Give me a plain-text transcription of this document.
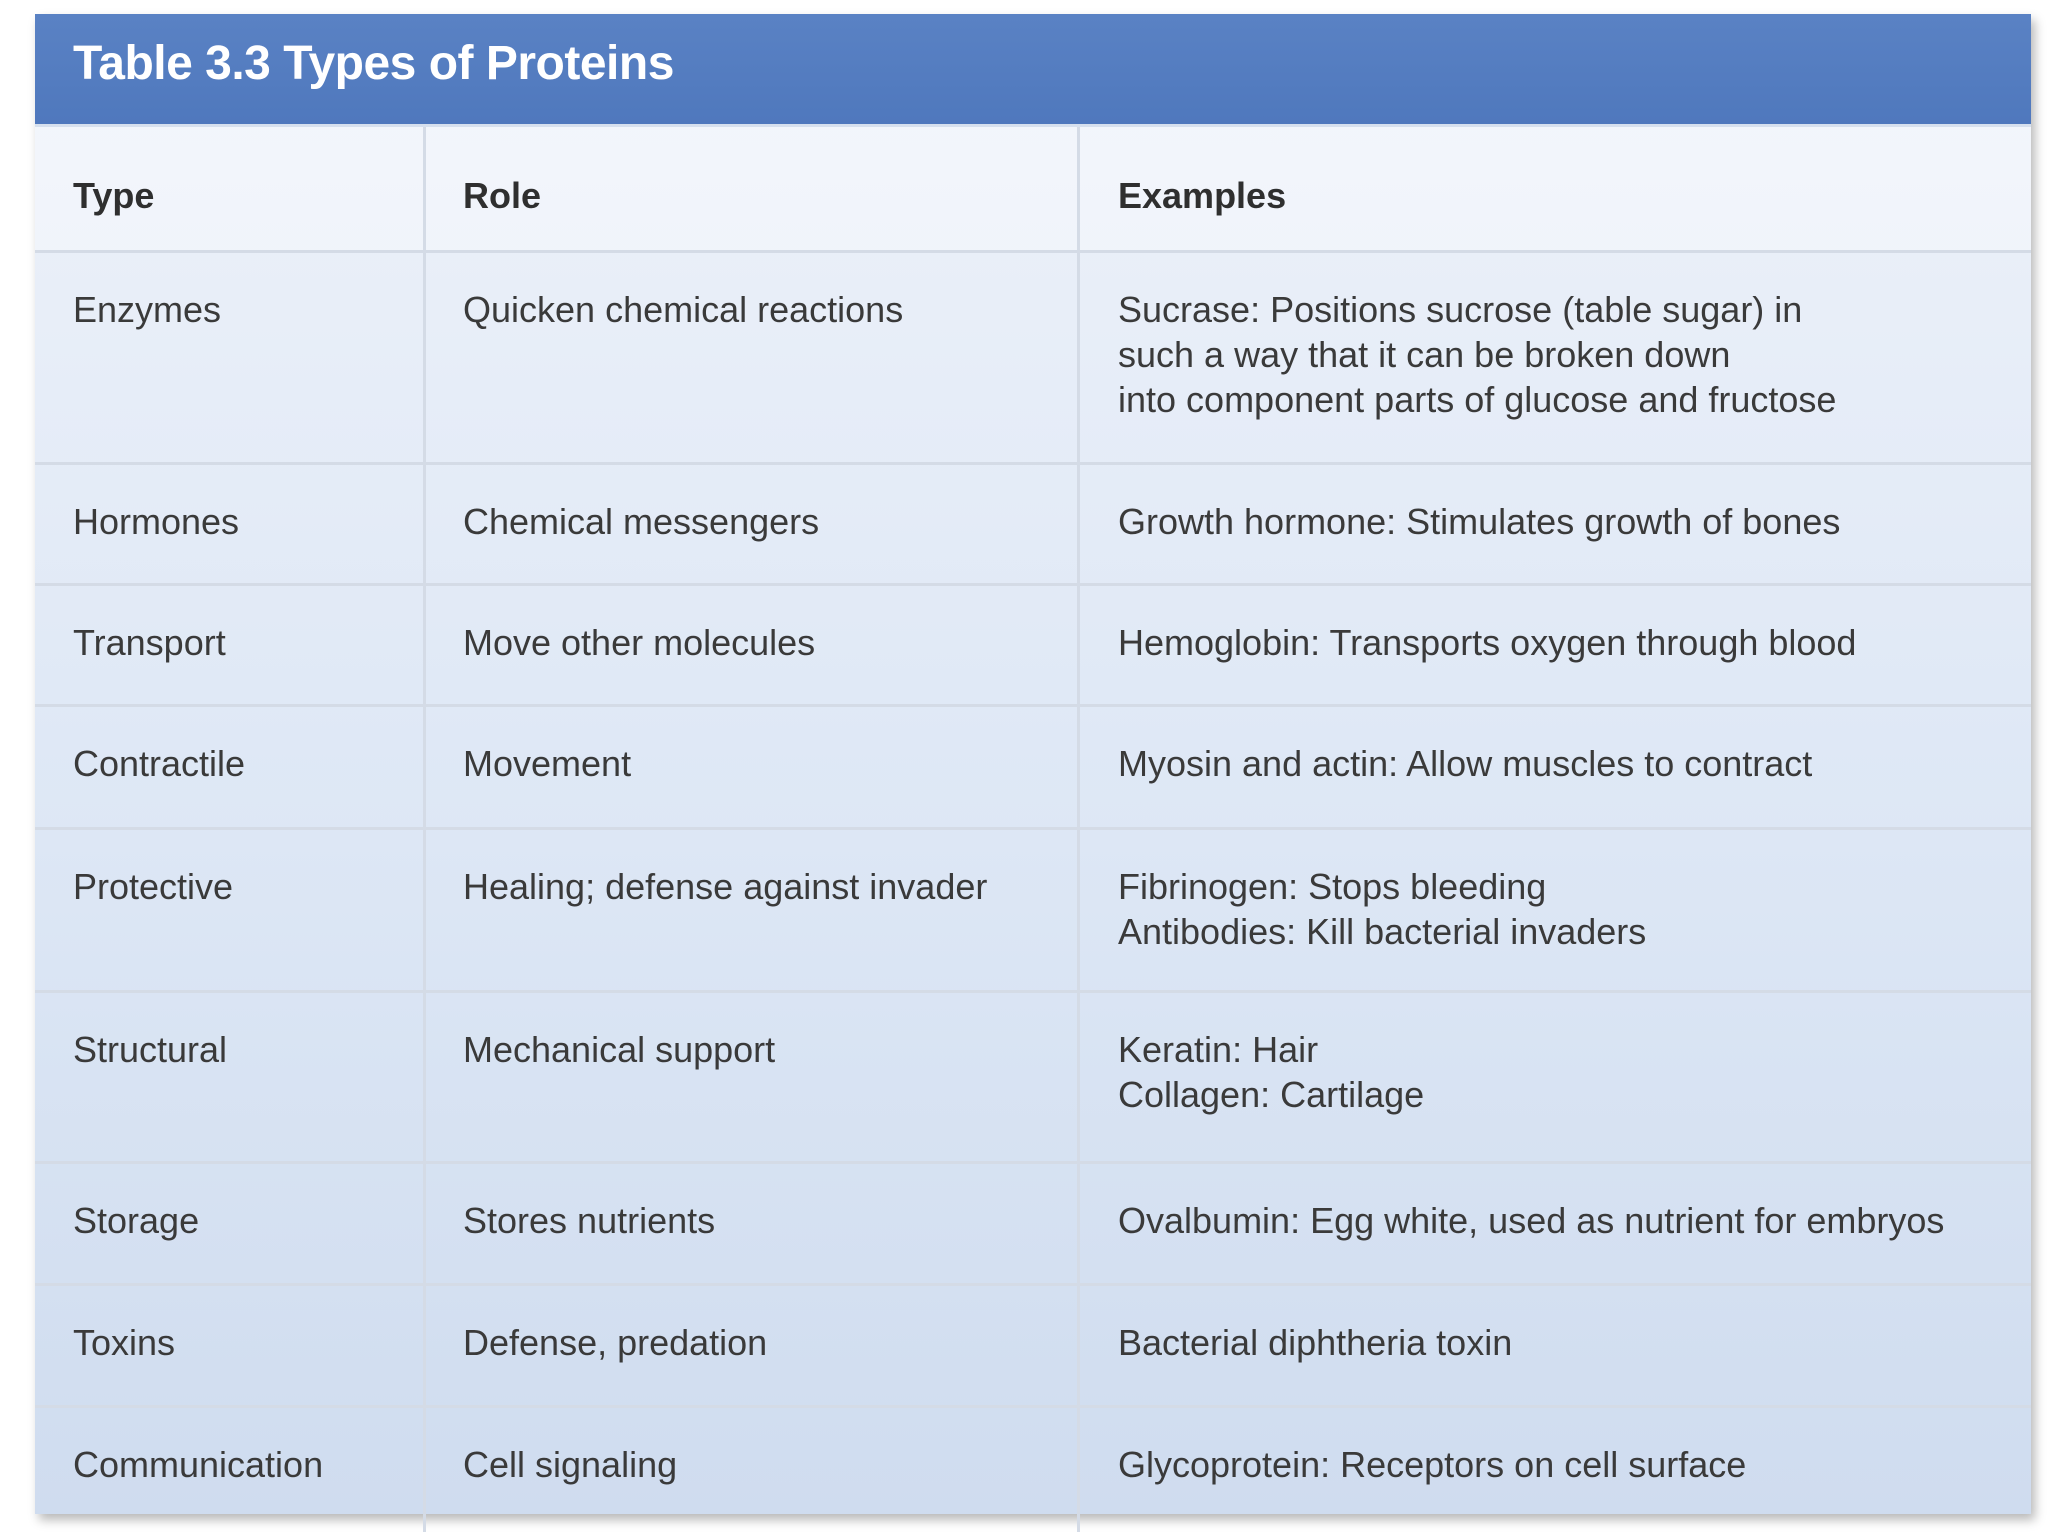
Table 3.3 Types of Proteins
Type	Role	Examples
Enzymes	Quicken chemical reactions	Sucrase: Positions sucrose (table sugar) in
such a way that it can be broken down
into component parts of glucose and fructose
Hormones	Chemical messengers	Growth hormone: Stimulates growth of bones
Transport	Move other molecules	Hemoglobin: Transports oxygen through blood
Contractile	Movement	Myosin and actin: Allow muscles to contract
Protective	Healing; defense against invader	Fibrinogen: Stops bleeding
Antibodies: Kill bacterial invaders
Structural	Mechanical support	Keratin: Hair
Collagen: Cartilage
Storage	Stores nutrients	Ovalbumin: Egg white, used as nutrient for embryos
Toxins	Defense, predation	Bacterial diphtheria toxin
Communication	Cell signaling	Glycoprotein: Receptors on cell surface
